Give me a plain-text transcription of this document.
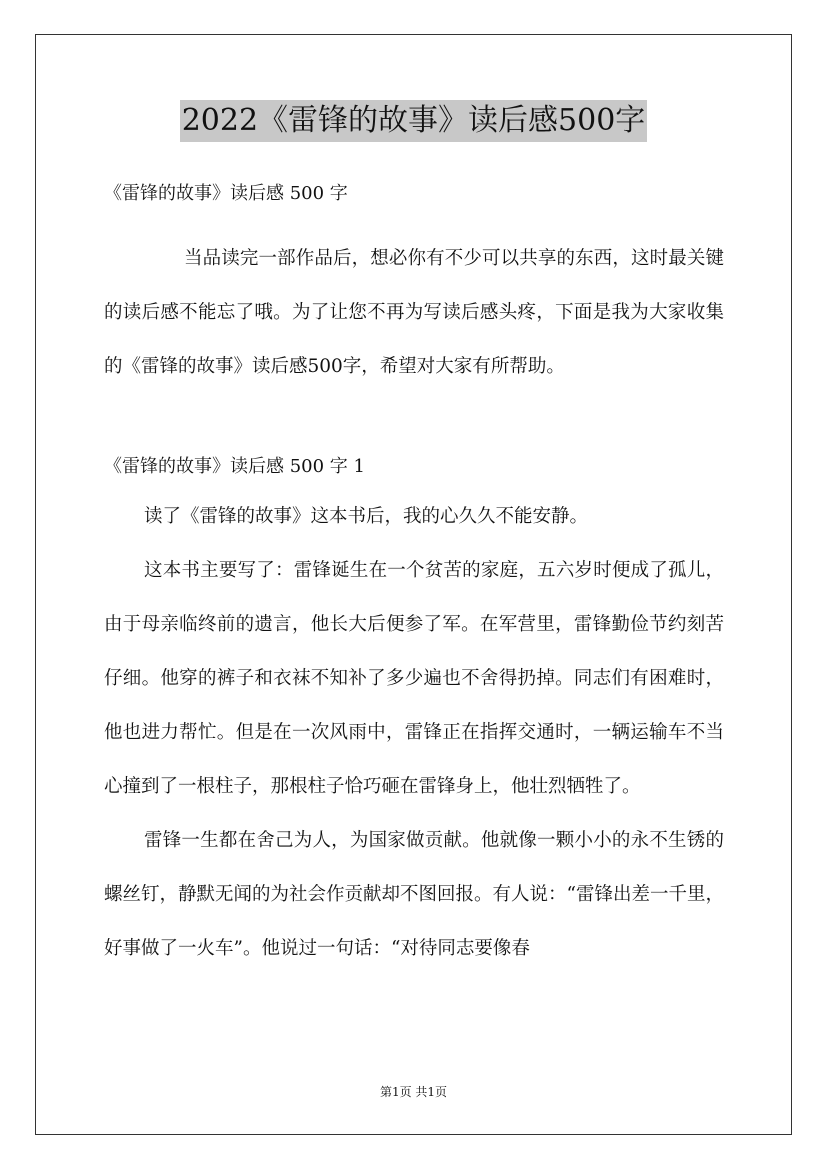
2022《雷锋的故事》读后感500字
《雷锋的故事》读后感 500 字

当品读完一部作品后，想必你有不少可以共享的东西，这时最关键的读后感不能忘了哦。为了让您不再为写读后感头疼，下面是我为大家收集的《雷锋的故事》读后感500字，希望对大家有所帮助。

《雷锋的故事》读后感 500 字 1

读了《雷锋的故事》这本书后，我的心久久不能安静。

这本书主要写了：雷锋诞生在一个贫苦的家庭，五六岁时便成了孤儿，由于母亲临终前的遗言，他长大后便参了军。在军营里，雷锋勤俭节约刻苦仔细。他穿的裤子和衣袜不知补了多少遍也不舍得扔掉。同志们有困难时，他也进力帮忙。但是在一次风雨中，雷锋正在指挥交通时，一辆运输车不当心撞到了一根柱子，那根柱子恰巧砸在雷锋身上，他壮烈牺牲了。

雷锋一生都在舍己为人，为国家做贡献。他就像一颗小小的永不生锈的螺丝钉，静默无闻的为社会作贡献却不图回报。有人说：“雷锋出差一千里，好事做了一火车”。他说过一句话：“对待同志要像春

第1页 共1页
